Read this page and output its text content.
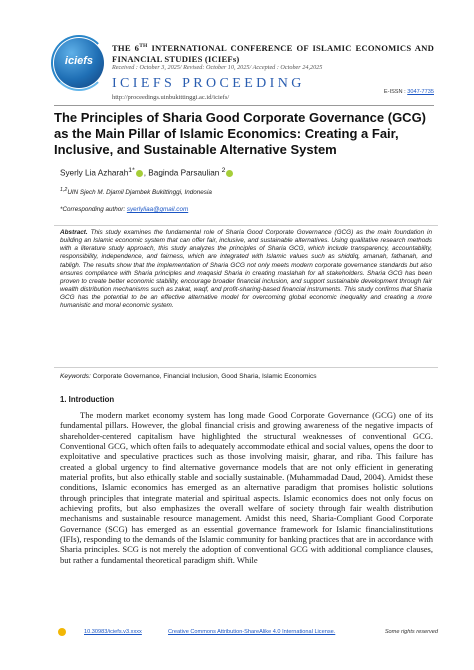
iciefs
THE 6TH INTERNATIONAL CONFERENCE OF ISLAMIC ECONOMICS AND FINANCIAL STUDIES (ICIEFs)
Received : October 3, 2025/ Revised: October 10, 2025/ Accepted : October 24,2025
ICIEFS PROCEEDING
http://proceedings.uinbukittinggi.ac.id/iciefs/
E-ISSN : 3047-7735
The Principles of Sharia Good Corporate Governance (GCG) as the Main Pillar of Islamic Economics: Creating a Fair, Inclusive, and Sustainable Alternative System
Syerly Lia Azharah$^{1*}$ , Baginda Parsaulian $^2$
$^{1,2}$UIN Sjech M. Djamil Djambek Bukittinggi, Indonesia
*Corresponding author: syerlyliaa@gmail.com
Abstract. This study examines the fundamental role of Sharia Good Corporate Governance (GCG) as the main foundation in building an Islamic economic system that can offer fair, inclusive, and sustainable alternatives. Using qualitative research methods with a literature study approach, this study analyzes the principles of Sharia GCG, which include transparency, accountability, responsibility, independence, and fairness, which are integrated with Islamic values such as shiddiq, amanah, fathanah, and tabligh. The results show that the implementation of Sharia GCG not only meets modern corporate governance standards but also ensures compliance with Sharia principles and maqasid Sharia in creating maslahah for all stakeholders. Sharia GCG has been proven to create better economic stability, encourage broader financial inclusion, and support sustainable development through fair wealth distribution mechanisms such as zakat, waqf, and profit-sharing-based financial instruments. This study confirms that Sharia GCG has the potential to be an effective alternative model for overcoming global economic inequality and creating a more humanistic and moral economic system.
Keywords: Corporate Governance, Financial Inclusion, Good Sharia, Islamic Economics
1. Introduction

The modern market economy system has long made Good Corporate Governance (GCG) one of its fundamental pillars. However, the global financial crisis and growing awareness of the negative impacts of shareholder-centered capitalism have highlighted the structural weaknesses of conventional GCG. Conventional GCG, which often fails to adequately accommodate ethical and social values, opens the door to exploitative and speculative practices such as those involving maisir, gharar, and riba. This failure has created a global urgency to find alternative governance models that are not only efficient in generating material profits, but also ethically stable and socially sustainable. (Muhammadad Daud, 2004). Amidst these conditions, Islamic economics has emerged as an alternative paradigm that promises holistic solutions through principles that integrate material and spiritual aspects. Islamic economics does not only focus on achieving profits, but also emphasizes the overall welfare of society through fair wealth distribution mechanisms and sustainable resource management. Amidst this need, Sharia-Compliant Good Corporate Governance (SCG) has emerged as an essential governance framework for Islamic financialinstitutions (IFIs), responding to the demands of the Islamic community for banking practices that are in accordance with Sharia principles. SCG is not merely the adoption of conventional GCG with additional compliance clauses, but rather a fundamental theoretical paradigm shift. While

10.30983/iciefs.v3.xxxx	Creative Commons Attribution-ShareAlike 4.0 International License.	Some rights reserved
